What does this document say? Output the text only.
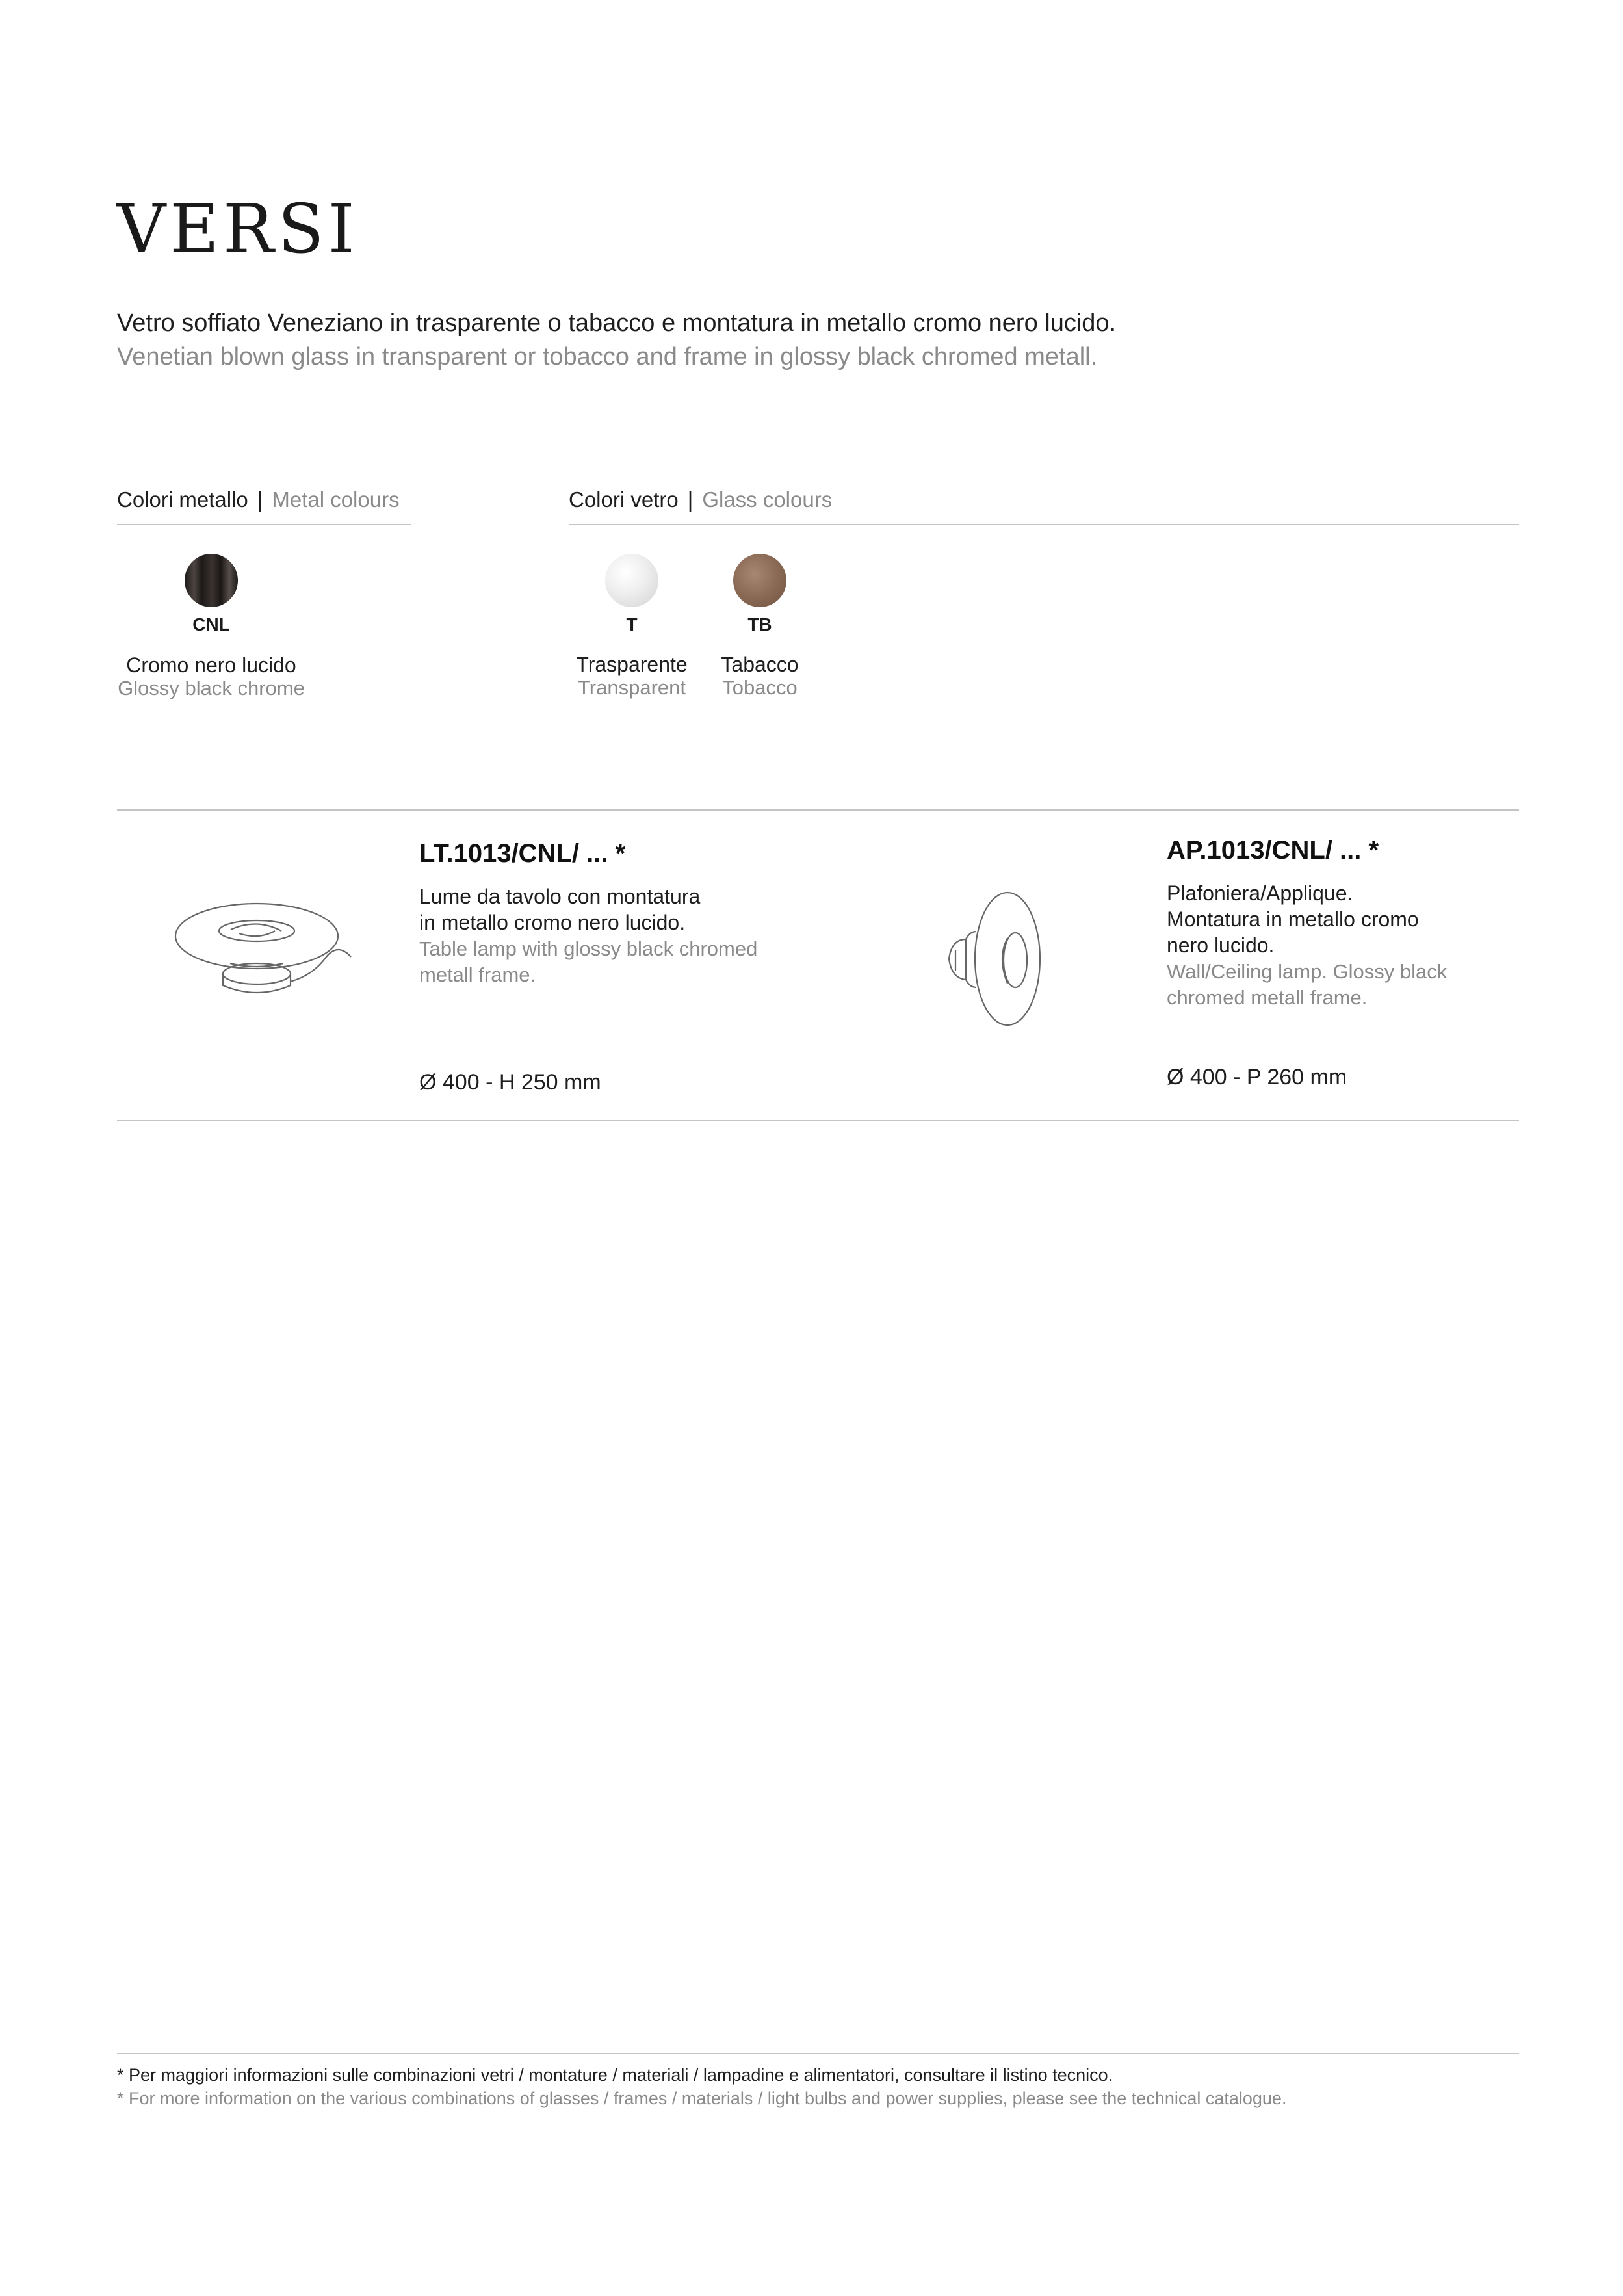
VERSI
Vetro soffiato Veneziano in trasparente o tabacco e montatura in metallo cromo nero lucido.
Venetian blown glass in transparent or tobacco and frame in glossy black chromed metall.
Colori metallo | Metal colours
CNL
Cromo nero lucido
Glossy black chrome
Colori vetro | Glass colours
T
Trasparente
Transparent
TB
Tabacco
Tobacco
LT.1013/CNL/ ... *
Lume da tavolo con montatura
in metallo cromo nero lucido.
Table lamp with glossy black chromed
metall frame.
Ø 400 - H 250 mm
AP.1013/CNL/ ... *
Plafoniera/Applique.
Montatura in metallo cromo
nero lucido.
Wall/Ceiling lamp. Glossy black
chromed metall frame.
Ø 400 - P 260 mm
* Per maggiori informazioni sulle combinazioni vetri / montature / materiali / lampadine e alimentatori, consultare il listino tecnico.
* For more information on the various combinations of glasses / frames / materials / light bulbs and power supplies, please see the technical catalogue.
